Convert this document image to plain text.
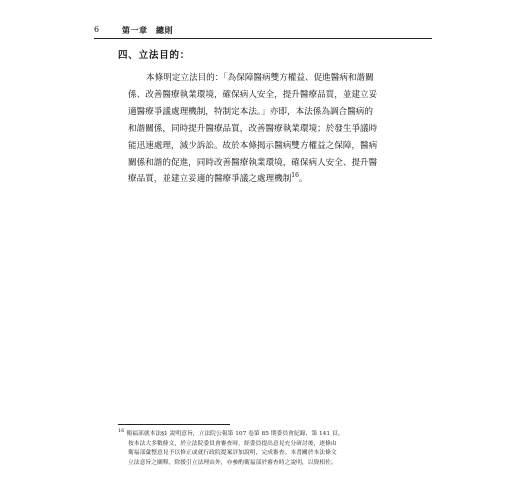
6	第一章　總則
四、立法目的：
本條明定立法目的：「為保障醫病雙方權益、促進醫病和諧關
係、改善醫療執業環境，確保病人安全，提升醫療品質，並建立妥
適醫療爭議處理機制，特制定本法。」亦即，本法係為調合醫病的
和諧關係，同時提升醫療品質，改善醫療執業環境；於發生爭議時
能迅速處理，減少訴訟。故於本條揭示醫病雙方權益之保障，醫病
關係和諧的促進，同時改善醫療執業環境，確保病人安全、提升醫
療品質，並建立妥適的醫療爭議之處理機制$^{16}$。
16 衛福部就本法§1 說明意旨，立法院公報第 107 卷第 85 期委員會紀錄，第 141 頁。
按本法大多數條文，於立法院委員會審查時，經委員提出意見充分研討後，逐條由
衛福部彙整意見予以修正或就行政院提案評加說明，完成審查。本書關於本法條文
立法意旨之闡釋，除援引立法理由外，亦參酌衛福部於審查時之說明，以資相佐。
